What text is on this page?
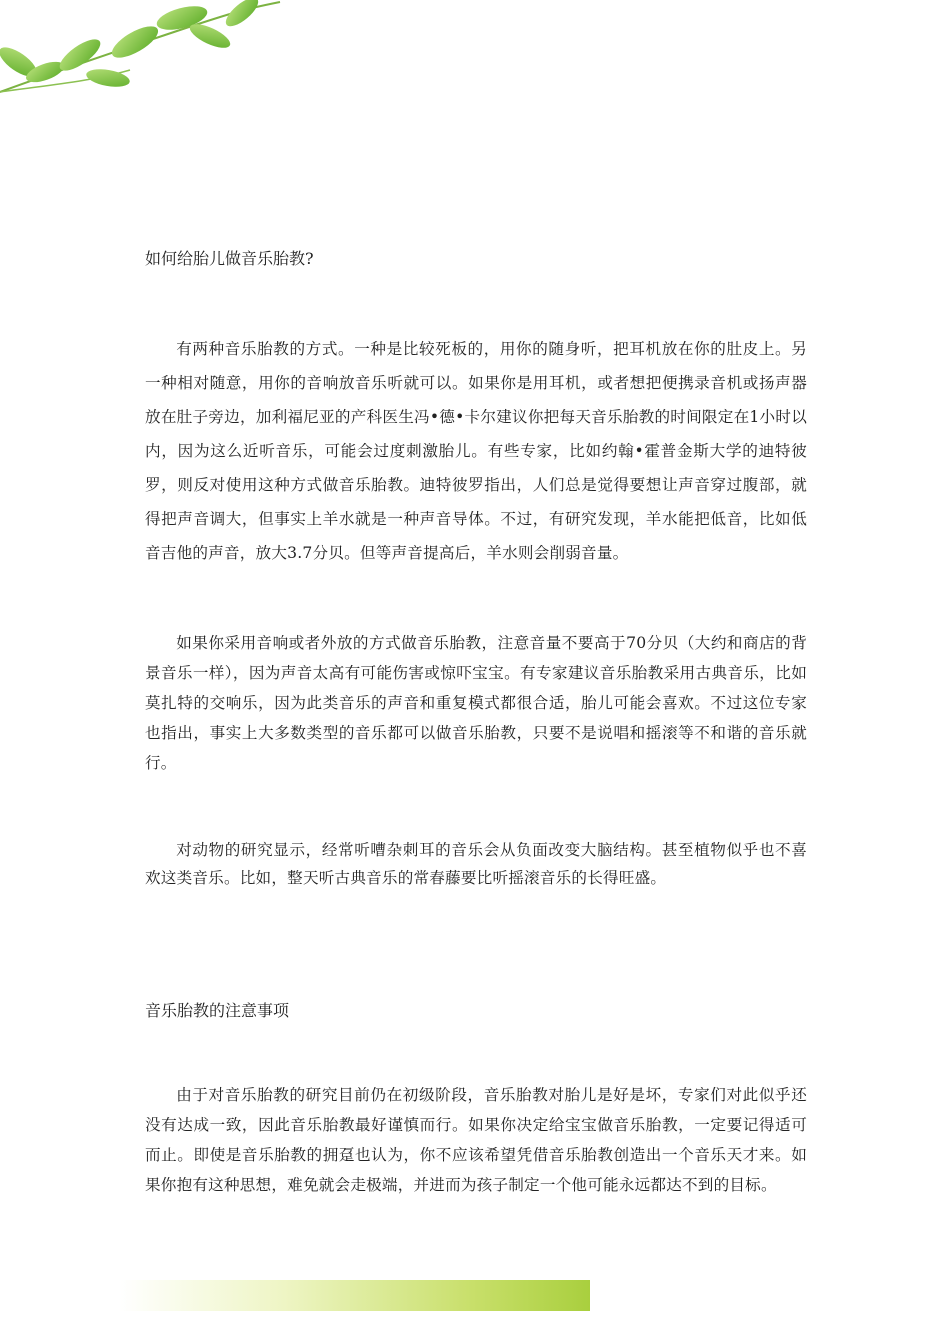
如何给胎儿做音乐胎教?

有两种音乐胎教的方式。一种是比较死板的，用你的随身听，把耳机放在你的肚皮上。另一种相对随意，用你的音响放音乐听就可以。如果你是用耳机，或者想把便携录音机或扬声器放在肚子旁边，加利福尼亚的产科医生冯•德•卡尔建议你把每天音乐胎教的时间限定在1小时以内，因为这么近听音乐，可能会过度刺激胎儿。有些专家，比如约翰•霍普金斯大学的迪特彼罗，则反对使用这种方式做音乐胎教。迪特彼罗指出，人们总是觉得要想让声音穿过腹部，就得把声音调大，但事实上羊水就是一种声音导体。不过，有研究发现，羊水能把低音，比如低音吉他的声音，放大3.7分贝。但等声音提高后，羊水则会削弱音量。

如果你采用音响或者外放的方式做音乐胎教，注意音量不要高于70分贝（大约和商店的背景音乐一样），因为声音太高有可能伤害或惊吓宝宝。有专家建议音乐胎教采用古典音乐，比如莫扎特的交响乐，因为此类音乐的声音和重复模式都很合适，胎儿可能会喜欢。不过这位专家也指出，事实上大多数类型的音乐都可以做音乐胎教，只要不是说唱和摇滚等不和谐的音乐就行。

对动物的研究显示，经常听嘈杂刺耳的音乐会从负面改变大脑结构。甚至植物似乎也不喜欢这类音乐。比如，整天听古典音乐的常春藤要比听摇滚音乐的长得旺盛。

音乐胎教的注意事项

由于对音乐胎教的研究目前仍在初级阶段，音乐胎教对胎儿是好是坏，专家们对此似乎还没有达成一致，因此音乐胎教最好谨慎而行。如果你决定给宝宝做音乐胎教，一定要记得适可而止。即使是音乐胎教的拥趸也认为，你不应该希望凭借音乐胎教创造出一个音乐天才来。如果你抱有这种思想，难免就会走极端，并进而为孩子制定一个他可能永远都达不到的目标。
